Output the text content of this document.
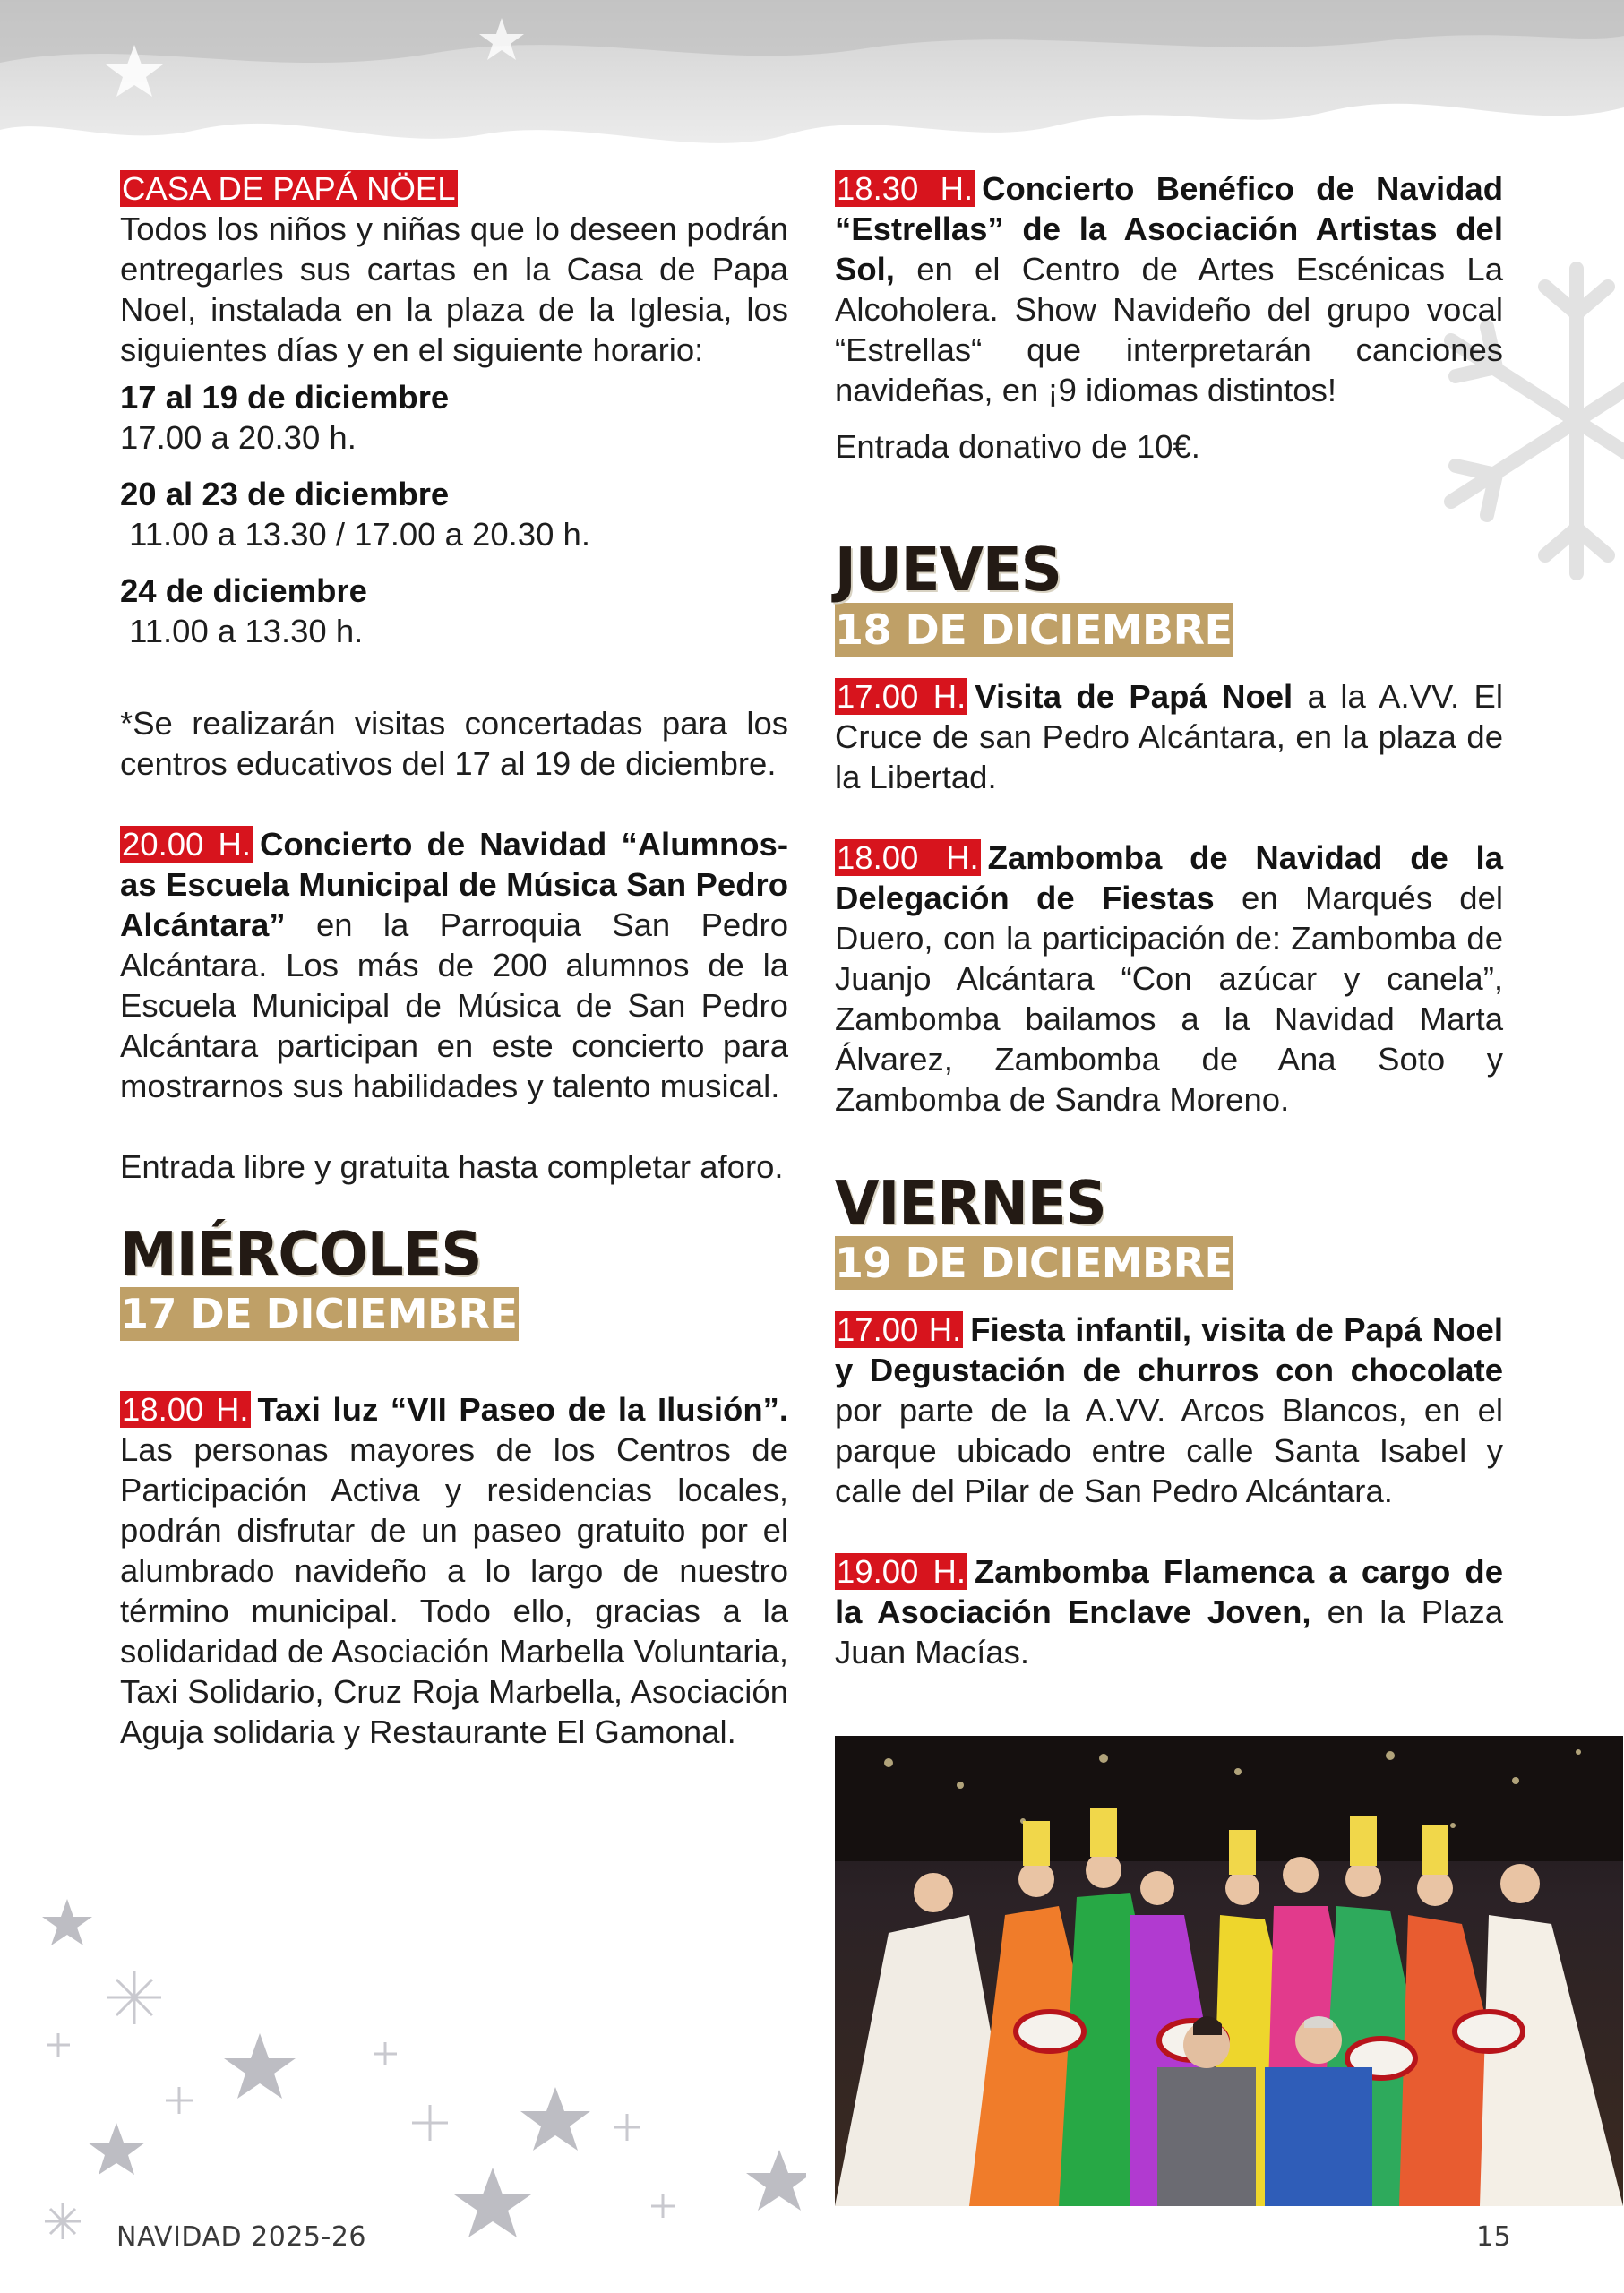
CASA DE PAPÁ NÖEL

Todos los niños y niñas que lo deseen podrán entregarles sus cartas en la Casa de Papa Noel, instalada en la plaza de la Iglesia, los siguientes días y en el siguiente horario:

17 al 19 de diciembre

17.00 a 20.30 h.

20 al 23 de diciembre

11.00 a 13.30 / 17.00 a 20.30 h.

24 de diciembre

11.00 a 13.30 h.

*Se realizarán visitas concertadas para los centros educativos del 17 al 19 de diciembre.

20.00 H. Concierto de Navidad “Alumnos-as Escuela Municipal de Música San Pedro Alcántara” en la Parroquia San Pedro Alcántara. Los más de 200 alumnos de la Escuela Municipal de Música de San Pedro Alcántara participan en este concierto para mostrarnos sus habilidades y talento musical.

Entrada libre y gratuita hasta completar aforo.

MIÉRCOLES
17 DE DICIEMBRE

18.00 H. Taxi luz “VII Paseo de la Ilusión”. Las personas mayores de los Centros de Participación Activa y residencias locales, podrán disfrutar de un paseo gratuito por el alumbrado navideño a lo largo de nuestro término municipal. Todo ello, gracias a la solidaridad de Asociación Marbella Voluntaria, Taxi Solidario, Cruz Roja Marbella, Asociación Aguja solidaria y Restaurante El Gamonal.

18.30 H. Concierto Benéfico de Navidad “Estrellas” de la Asociación Artistas del Sol, en el Centro de Artes Escénicas La Alcoholera. Show Navideño del grupo vocal “Estrellas“ que interpretarán canciones navideñas, en ¡9 idiomas distintos!

Entrada donativo de 10€.

JUEVES
18 DE DICIEMBRE

17.00 H. Visita de Papá Noel a la A.VV. El Cruce de san Pedro Alcántara, en la plaza de la Libertad.

18.00 H. Zambomba de Navidad de la Delegación de Fiestas en Marqués del Duero, con la participación de: Zambomba de Juanjo Alcántara “Con azúcar y canela”, Zambomba bailamos a la Navidad Marta Álvarez, Zambomba de Ana Soto y Zambomba de Sandra Moreno.

VIERNES
19 DE DICIEMBRE

17.00 H. Fiesta infantil, visita de Papá Noel y Degustación de churros con chocolate por parte de la A.VV. Arcos Blancos, en el parque ubicado entre calle Santa Isabel y calle del Pilar de San Pedro Alcántara.

19.00 H. Zambomba Flamenca a cargo de la Asociación Enclave Joven, en la Plaza Juan Macías.

NAVIDAD 2025-26	15
